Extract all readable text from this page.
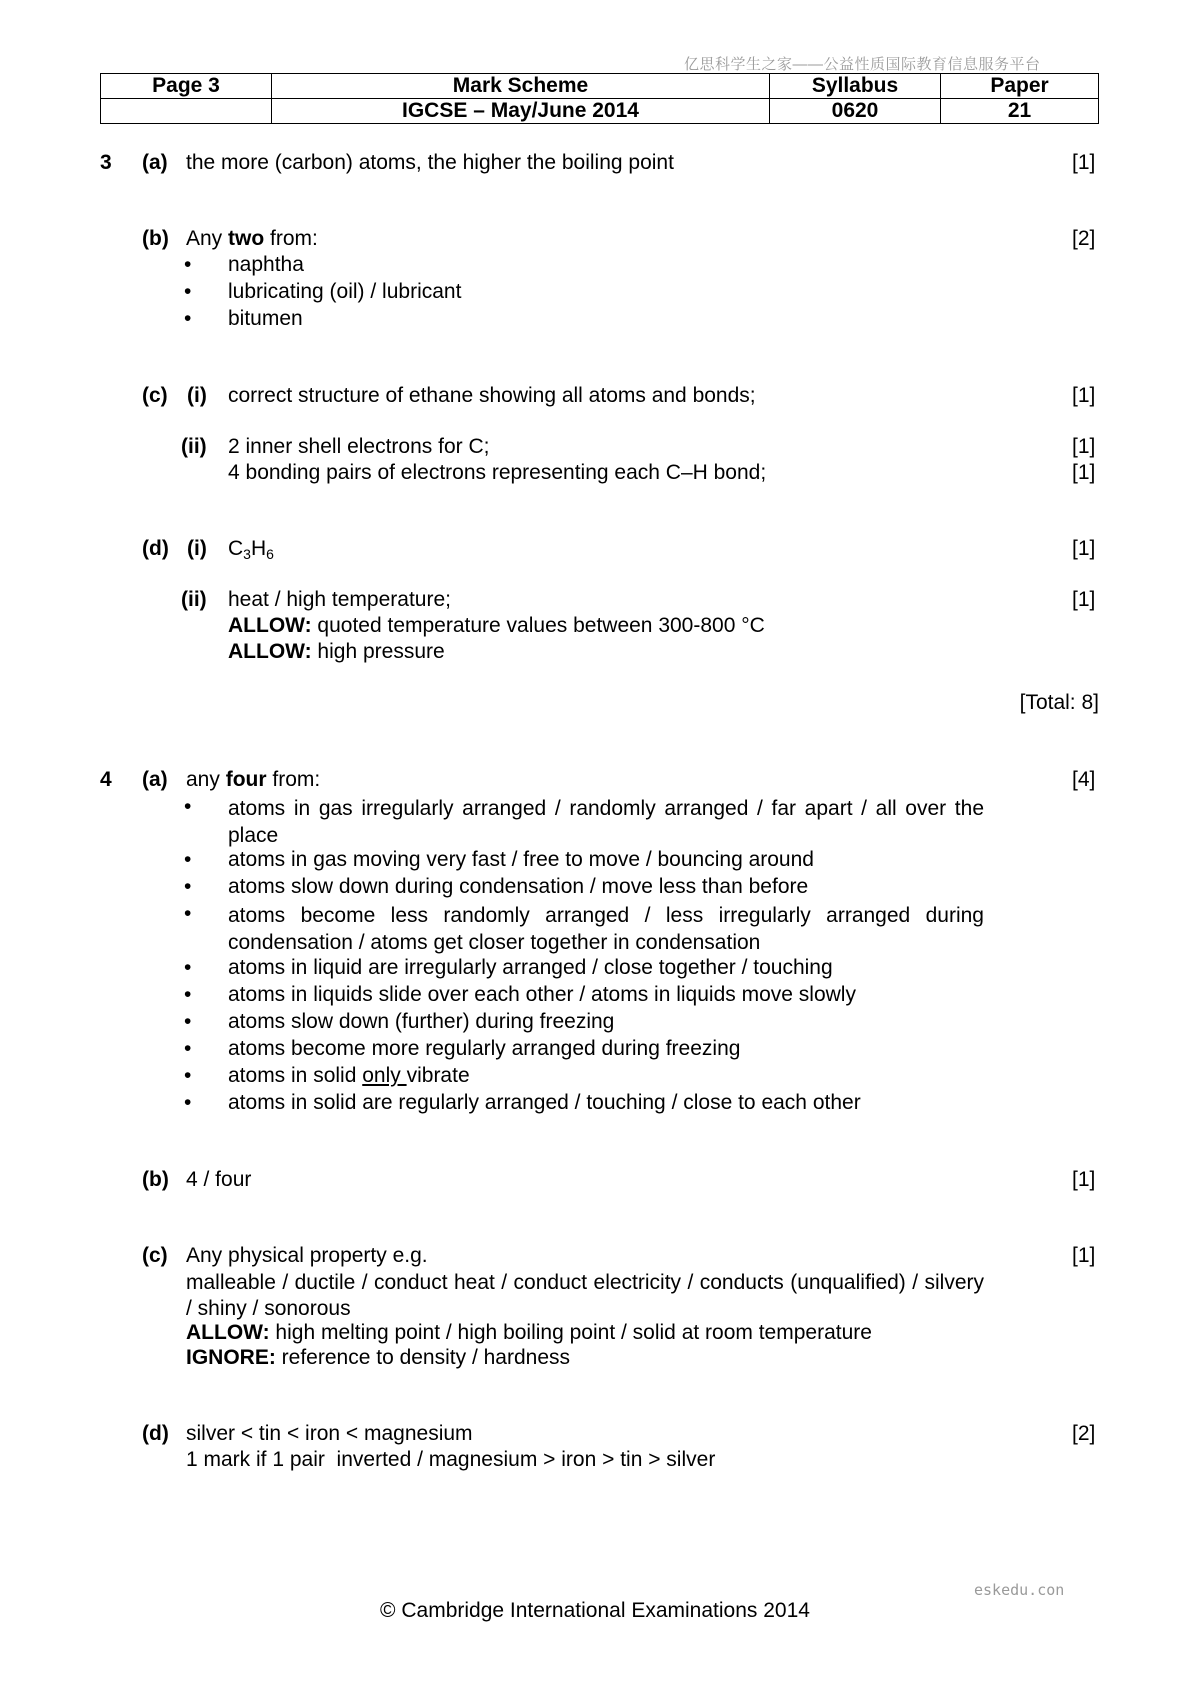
亿思科学生之家——公益性质国际教育信息服务平台
Page 3	Mark Scheme	Syllabus	Paper
	IGCSE – May/June 2014	0620	21
3 (a) the more (carbon) atoms, the higher the boiling point	[1]
(b) Any two from:	[2]
• naphtha
• lubricating (oil) / lubricant
• bitumen
(c) (i) correct structure of ethane showing all atoms and bonds;	[1]
(ii) 2 inner shell electrons for C;	[1]
4 bonding pairs of electrons representing each C–H bond;	[1]
(d) (i) $C_3H_6$	[1]
(ii) heat / high temperature;	[1]
ALLOW: quoted temperature values between 300-800 °C
ALLOW: high pressure
[Total: 8]
4 (a) any four from:	[4]
• atoms in gas irregularly arranged / randomly arranged / far apart / all over the place
• atoms in gas moving very fast / free to move / bouncing around
• atoms slow down during condensation / move less than before
• atoms become less randomly arranged / less irregularly arranged during condensation / atoms get closer together in condensation
• atoms in liquid are irregularly arranged / close together / touching
• atoms in liquids slide over each other / atoms in liquids move slowly
• atoms slow down (further) during freezing
• atoms become more regularly arranged during freezing
• atoms in solid only vibrate
• atoms in solid are regularly arranged / touching / close to each other
(b) 4 / four	[1]
(c) Any physical property e.g.	[1]
malleable / ductile / conduct heat / conduct electricity / conducts (unqualified) / silvery / shiny / sonorous
ALLOW: high melting point / high boiling point / solid at room temperature
IGNORE: reference to density / hardness
(d) silver < tin < iron < magnesium	[2]
1 mark if 1 pair  inverted / magnesium > iron > tin > silver
eskedu.con
© Cambridge International Examinations 2014
